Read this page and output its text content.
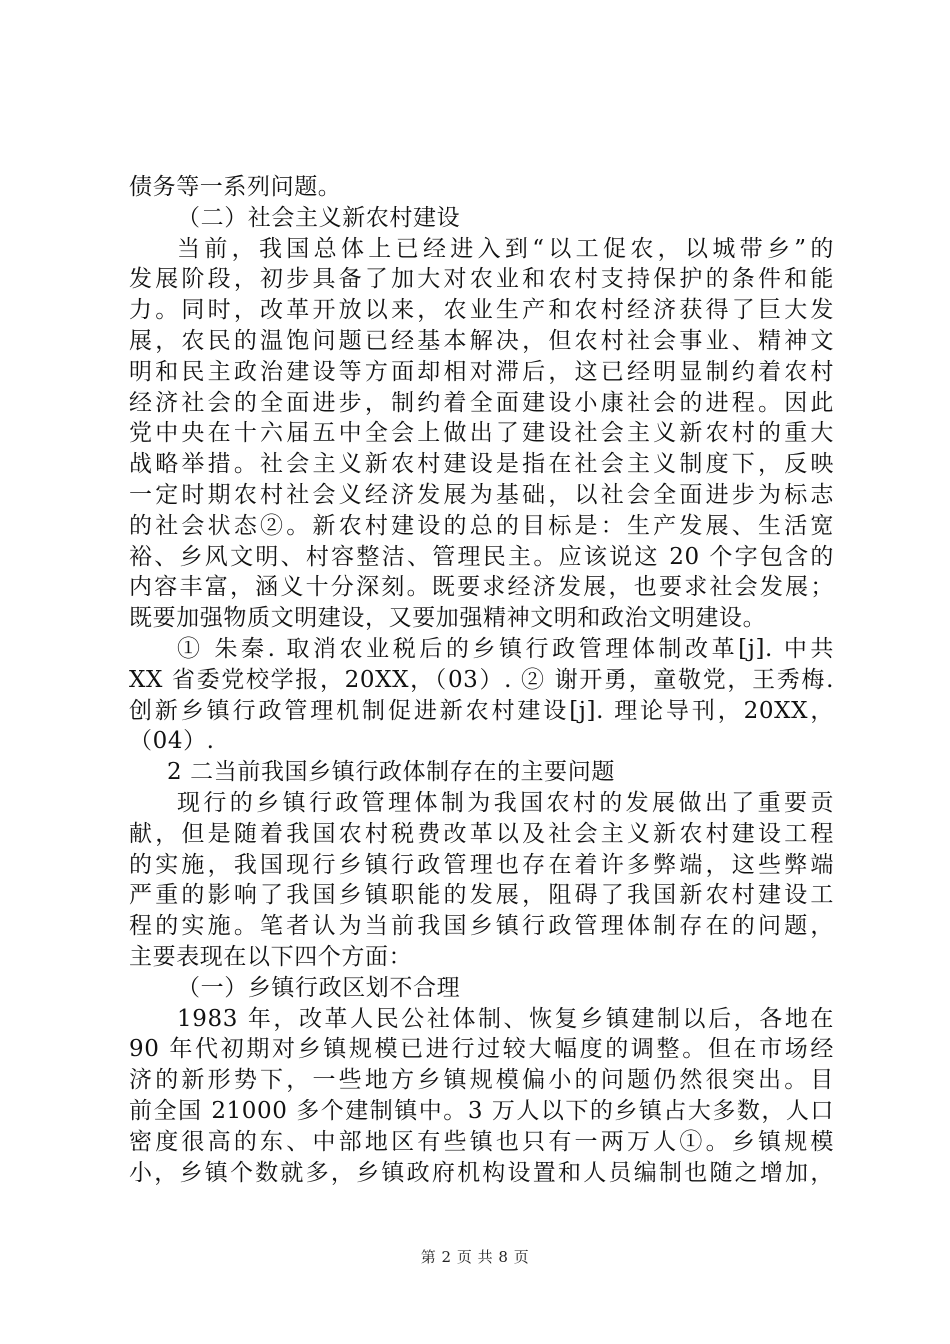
债务等一系列问题。
（二）社会主义新农村建设
当前，我国总体上已经进入到“以工促农，以城带乡”的
发展阶段，初步具备了加大对农业和农村支持保护的条件和能
力。同时，改革开放以来，农业生产和农村经济获得了巨大发
展，农民的温饱问题已经基本解决，但农村社会事业、精神文
明和民主政治建设等方面却相对滞后，这已经明显制约着农村
经济社会的全面进步，制约着全面建设小康社会的进程。因此
党中央在十六届五中全会上做出了建设社会主义新农村的重大
战略举措。社会主义新农村建设是指在社会主义制度下，反映
一定时期农村社会义经济发展为基础，以社会全面进步为标志
的社会状态②。新农村建设的总的目标是：生产发展、生活宽
裕、乡风文明、村容整洁、管理民主。应该说这 20 个字包含的
内容丰富，涵义十分深刻。既要求经济发展，也要求社会发展；
既要加强物质文明建设，又要加强精神文明和政治文明建设。
① 朱秦. 取消农业税后的乡镇行政管理体制改革[j]. 中共
XX 省委党校学报，20XX，（03）. ② 谢开勇，童敬党，王秀梅.
创新乡镇行政管理机制促进新农村建设[j]. 理论导刊，20XX，
（04）.
2 二当前我国乡镇行政体制存在的主要问题
现行的乡镇行政管理体制为我国农村的发展做出了重要贡
献，但是随着我国农村税费改革以及社会主义新农村建设工程
的实施，我国现行乡镇行政管理也存在着许多弊端，这些弊端
严重的影响了我国乡镇职能的发展，阻碍了我国新农村建设工
程的实施。笔者认为当前我国乡镇行政管理体制存在的问题，
主要表现在以下四个方面：
（一）乡镇行政区划不合理
1983 年，改革人民公社体制、恢复乡镇建制以后，各地在
90 年代初期对乡镇规模已进行过较大幅度的调整。但在市场经
济的新形势下，一些地方乡镇规模偏小的问题仍然很突出。目
前全国 21000 多个建制镇中。3 万人以下的乡镇占大多数，人口
密度很高的东、中部地区有些镇也只有一两万人①。乡镇规模
小，乡镇个数就多，乡镇政府机构设置和人员编制也随之增加，
第 2 页 共 8 页
